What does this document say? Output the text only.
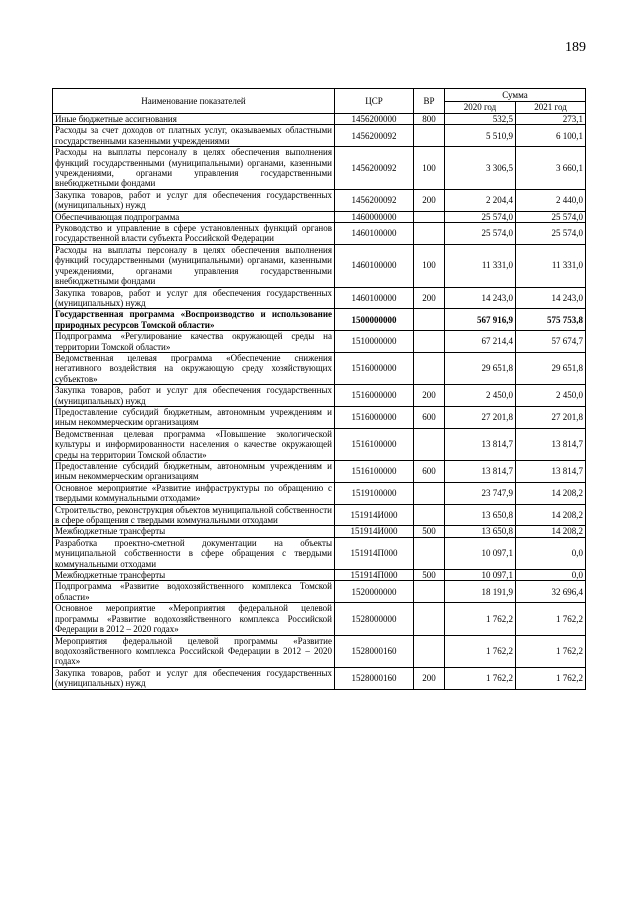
189
Наименование показателей	ЦСР	ВР	Сумма	
			2020 год	2021 год
Иные бюджетные ассигнования	1456200000	800	532,5	273,1
Расходы за счет доходов от платных услуг, оказываемых областными государственными казенными учреждениями	1456200092		5 510,9	6 100,1
Расходы на выплаты персоналу в целях обеспечения выполнения функций государственными (муниципальными) органами, казенными учреждениями, органами управления государственными внебюджетными фондами	1456200092	100	3 306,5	3 660,1
Закупка товаров, работ и услуг для обеспечения государственных (муниципальных) нужд	1456200092	200	2 204,4	2 440,0
Обеспечивающая подпрограмма	1460000000		25 574,0	25 574,0
Руководство и управление в сфере установленных функций органов государственной власти субъекта Российской Федерации	1460100000		25 574,0	25 574,0
Расходы на выплаты персоналу в целях обеспечения выполнения функций государственными (муниципальными) органами, казенными учреждениями, органами управления государственными внебюджетными фондами	1460100000	100	11 331,0	11 331,0
Закупка товаров, работ и услуг для обеспечения государственных (муниципальных) нужд	1460100000	200	14 243,0	14 243,0
Государственная программа «Воспроизводство и использование природных ресурсов Томской области»	1500000000		567 916,9	575 753,8
Подпрограмма «Регулирование качества окружающей среды на территории Томской области»	1510000000		67 214,4	57 674,7
Ведомственная целевая программа «Обеспечение снижения негативного воздействия на окружающую среду хозяйствующих субъектов»	1516000000		29 651,8	29 651,8
Закупка товаров, работ и услуг для обеспечения государственных (муниципальных) нужд	1516000000	200	2 450,0	2 450,0
Предоставление субсидий бюджетным, автономным учреждениям и иным некоммерческим организациям	1516000000	600	27 201,8	27 201,8
Ведомственная целевая программа «Повышение экологической культуры и информированности населения о качестве окружающей среды на территории Томской области»	1516100000		13 814,7	13 814,7
Предоставление субсидий бюджетным, автономным учреждениям и иным некоммерческим организациям	1516100000	600	13 814,7	13 814,7
Основное мероприятие «Развитие инфраструктуры по обращению с твердыми коммунальными отходами»	1519100000		23 747,9	14 208,2
Строительство, реконструкция объектов муниципальной собственности в сфере обращения с твердыми коммунальными отходами	151914И000		13 650,8	14 208,2
Межбюджетные трансферты	151914И000	500	13 650,8	14 208,2
Разработка проектно-сметной документации на объекты муниципальной собственности в сфере обращения с твердыми коммунальными отходами	151914П000		10 097,1	0,0
Межбюджетные трансферты	151914П000	500	10 097,1	0,0
Подпрограмма «Развитие водохозяйственного комплекса Томской области»	1520000000		18 191,9	32 696,4
Основное мероприятие «Мероприятия федеральной целевой программы «Развитие водохозяйственного комплекса Российской Федерации в 2012 – 2020 годах»	1528000000		1 762,2	1 762,2
Мероприятия федеральной целевой программы «Развитие водохозяйственного комплекса Российской Федерации в 2012 – 2020 годах»	1528000160		1 762,2	1 762,2
Закупка товаров, работ и услуг для обеспечения государственных (муниципальных) нужд	1528000160	200	1 762,2	1 762,2
